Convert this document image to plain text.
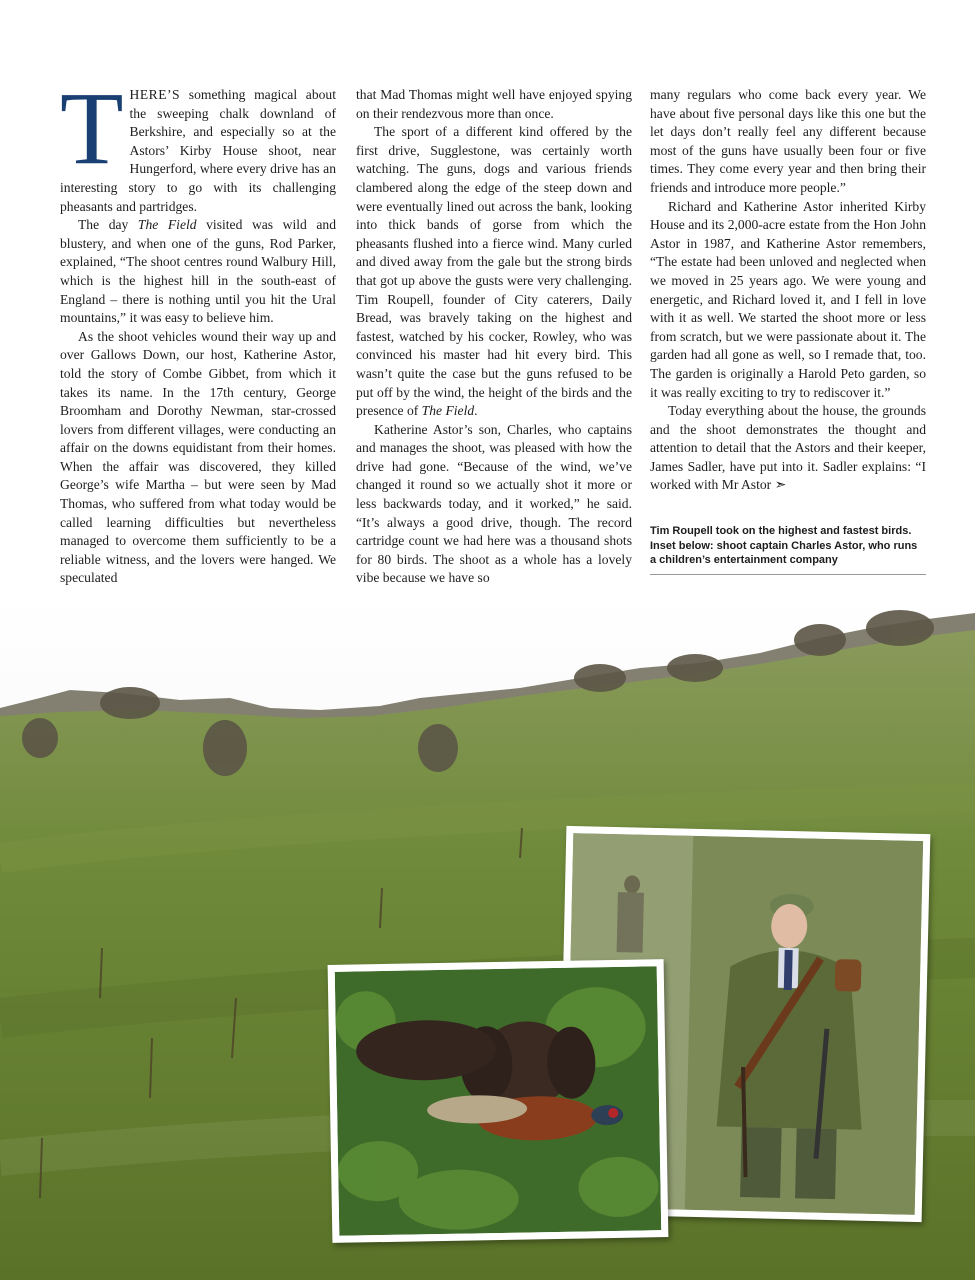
THERE’S something magical about the sweeping chalk downland of Berkshire, and especially so at the Astors’ Kirby House shoot, near Hungerford, where every drive has an interesting story to go with its challenging pheasants and partridges.

The day The Field visited was wild and blustery, and when one of the guns, Rod Parker, explained, “The shoot centres round Walbury Hill, which is the highest hill in the south-east of England – there is nothing until you hit the Ural mountains,” it was easy to believe him.

As the shoot vehicles wound their way up and over Gallows Down, our host, Katherine Astor, told the story of Combe Gibbet, from which it takes its name. In the 17th century, George Broomham and Dorothy Newman, star-crossed lovers from different villages, were conducting an affair on the downs equidistant from their homes. When the affair was discovered, they killed George’s wife Martha – but were seen by Mad Thomas, who suffered from what today would be called learning difficulties but nevertheless managed to overcome them sufficiently to be a reliable witness, and the lovers were hanged. We speculated

that Mad Thomas might well have enjoyed spying on their rendezvous more than once.

The sport of a different kind offered by the first drive, Sugglestone, was certainly worth watching. The guns, dogs and various friends clambered along the edge of the steep down and were eventually lined out across the bank, looking into thick bands of gorse from which the pheasants flushed into a fierce wind. Many curled and dived away from the gale but the strong birds that got up above the gusts were very challenging. Tim Roupell, founder of City caterers, Daily Bread, was bravely taking on the highest and fastest, watched by his cocker, Rowley, who was convinced his master had hit every bird. This wasn’t quite the case but the guns refused to be put off by the wind, the height of the birds and the presence of The Field.

Katherine Astor’s son, Charles, who captains and manages the shoot, was pleased with how the drive had gone. “Because of the wind, we’ve changed it round so we actually shot it more or less backwards today, and it worked,” he said. “It’s always a good drive, though. The record cartridge count we had here was a thousand shots for 80 birds. The shoot as a whole has a lovely vibe because we have so

many regulars who come back every year. We have about five personal days like this one but the let days don’t really feel any different because most of the guns have usually been four or five times. They come every year and then bring their friends and introduce more people.”

Richard and Katherine Astor inherited Kirby House and its 2,000-acre estate from the Hon John Astor in 1987, and Katherine Astor remembers, “The estate had been unloved and neglected when we moved in 25 years ago. We were young and energetic, and Richard loved it, and I fell in love with it as well. We started the shoot more or less from scratch, but we were passionate about it. The garden had all gone as well, so I remade that, too. The garden is originally a Harold Peto garden, so it was really exciting to try to rediscover it.”

Today everything about the house, the grounds and the shoot demonstrates the thought and attention to detail that the Astors and their keeper, James Sadler, have put into it. Sadler explains: “I worked with Mr Astor ➣

Tim Roupell took on the highest and fastest birds. Inset below: shoot captain Charles Astor, who runs a children’s entertainment company
